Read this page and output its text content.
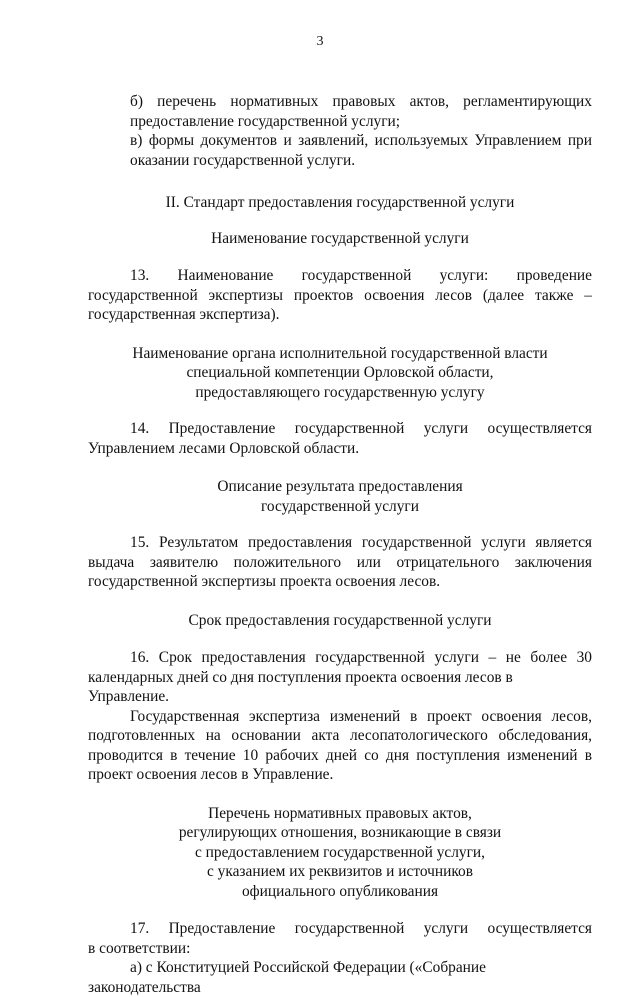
3

б) перечень нормативных правовых актов, регламентирующих
предоставление государственной услуги;

в) формы документов и заявлений, используемых Управлением при
оказании государственной услуги.

II. Стандарт предоставления государственной услуги

Наименование государственной услуги

13. Наименование государственной услуги: проведение
государственной экспертизы проектов освоения лесов (далее также –
государственная экспертиза).

Наименование органа исполнительной государственной власти
специальной компетенции Орловской области,
предоставляющего государственную услугу

14. Предоставление государственной услуги осуществляется
Управлением лесами Орловской области.

Описание результата предоставления
государственной услуги

15. Результатом предоставления государственной услуги является
выдача заявителю положительного или отрицательного заключения
государственной экспертизы проекта освоения лесов.

Срок предоставления государственной услуги

16. Срок предоставления государственной услуги – не более 30
календарных дней со дня поступления проекта освоения лесов в Управление.

Государственная экспертиза изменений в проект освоения лесов,
подготовленных на основании акта лесопатологического обследования,
проводится в течение 10 рабочих дней со дня поступления изменений в
проект освоения лесов в Управление.

Перечень нормативных правовых актов,
регулирующих отношения, возникающие в связи
с предоставлением государственной услуги,
с указанием их реквизитов и источников
официального опубликования

17. Предоставление государственной услуги осуществляется
в соответствии:

а) с Конституцией Российской Федерации («Собрание законодательства
